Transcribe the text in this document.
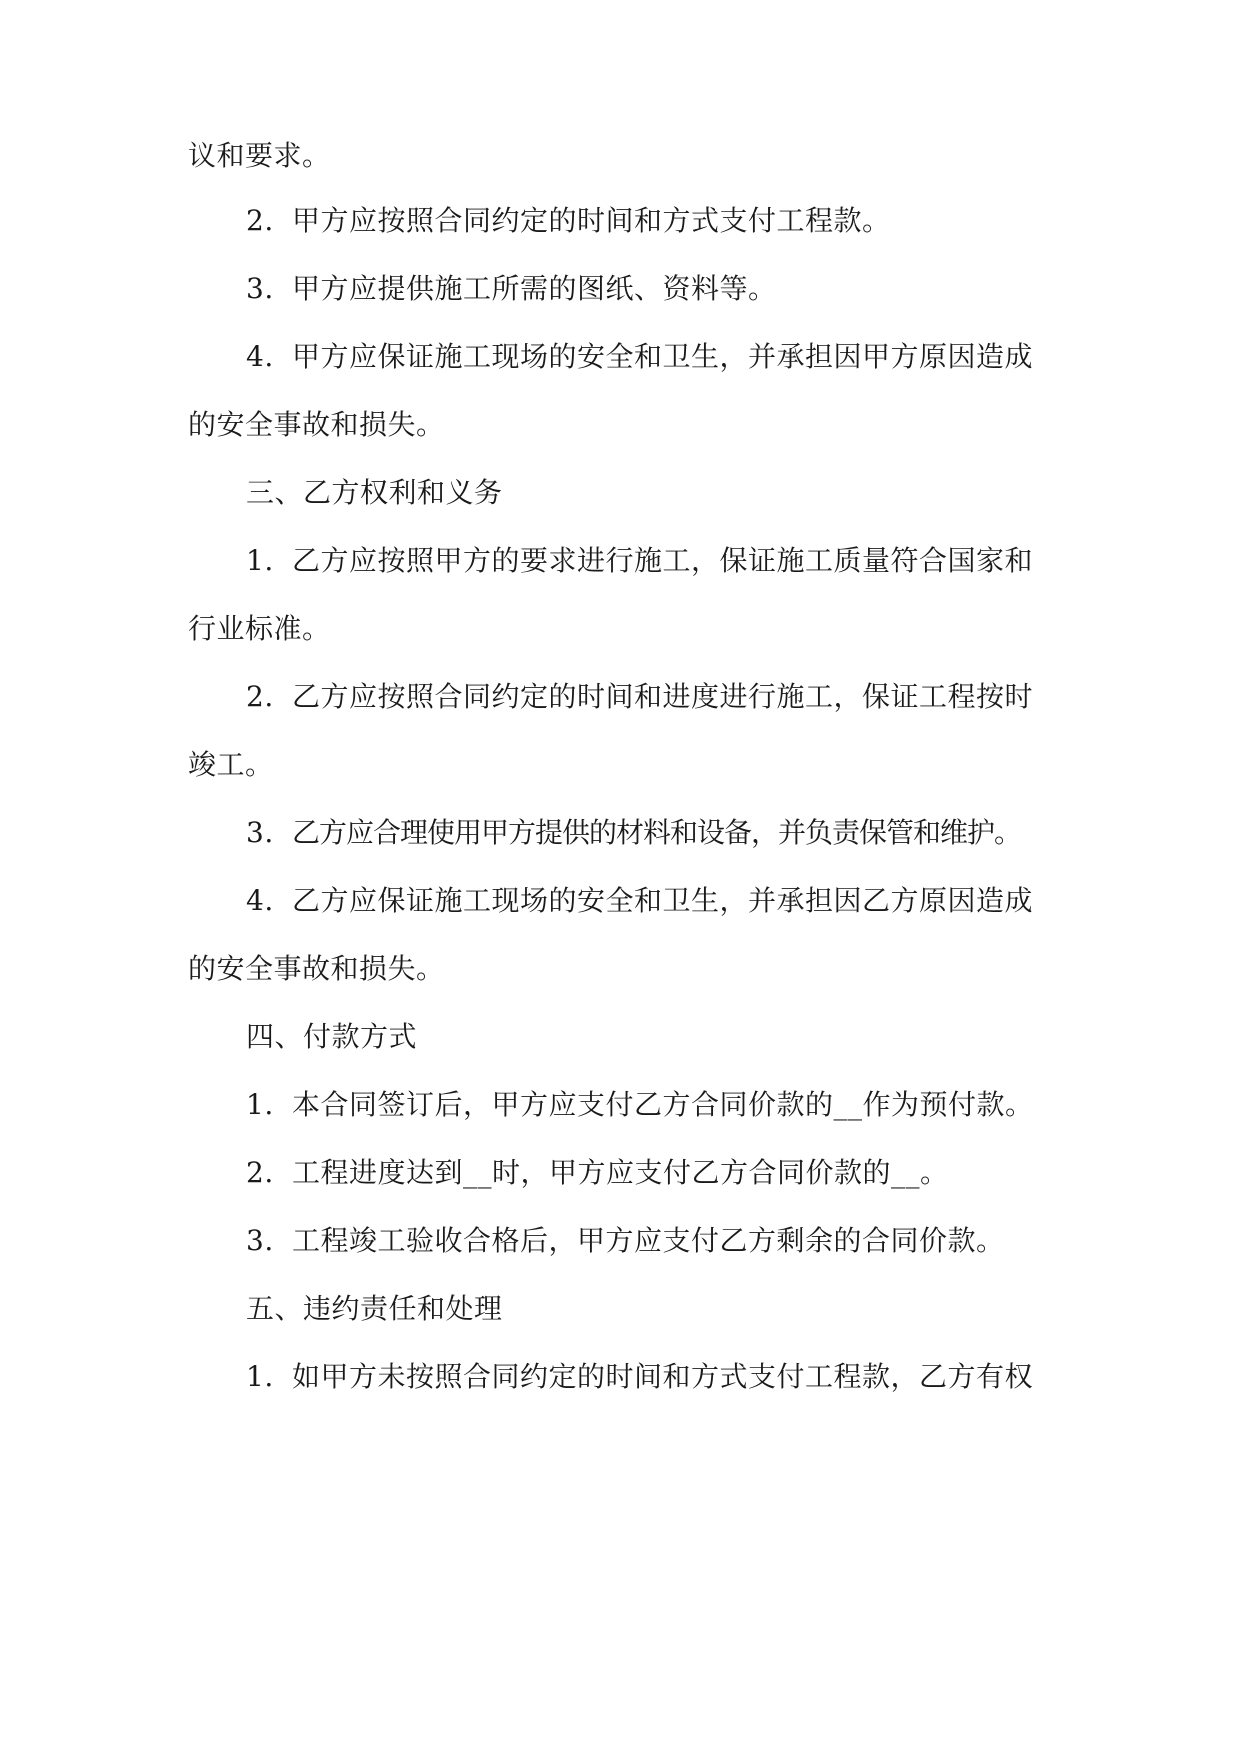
议和要求。
2. 甲方应按照合同约定的时间和方式支付工程款。
3. 甲方应提供施工所需的图纸、资料等。
4. 甲方应保证施工现场的安全和卫生，并承担因甲方原因造成
的安全事故和损失。
三、乙方权利和义务
1. 乙方应按照甲方的要求进行施工，保证施工质量符合国家和
行业标准。
2. 乙方应按照合同约定的时间和进度进行施工，保证工程按时
竣工。
3. 乙方应合理使用甲方提供的材料和设备，并负责保管和维护。
4. 乙方应保证施工现场的安全和卫生，并承担因乙方原因造成
的安全事故和损失。
四、付款方式
1. 本合同签订后，甲方应支付乙方合同价款的__作为预付款。
2. 工程进度达到__时，甲方应支付乙方合同价款的__。
3. 工程竣工验收合格后，甲方应支付乙方剩余的合同价款。
五、违约责任和处理
1. 如甲方未按照合同约定的时间和方式支付工程款，乙方有权
